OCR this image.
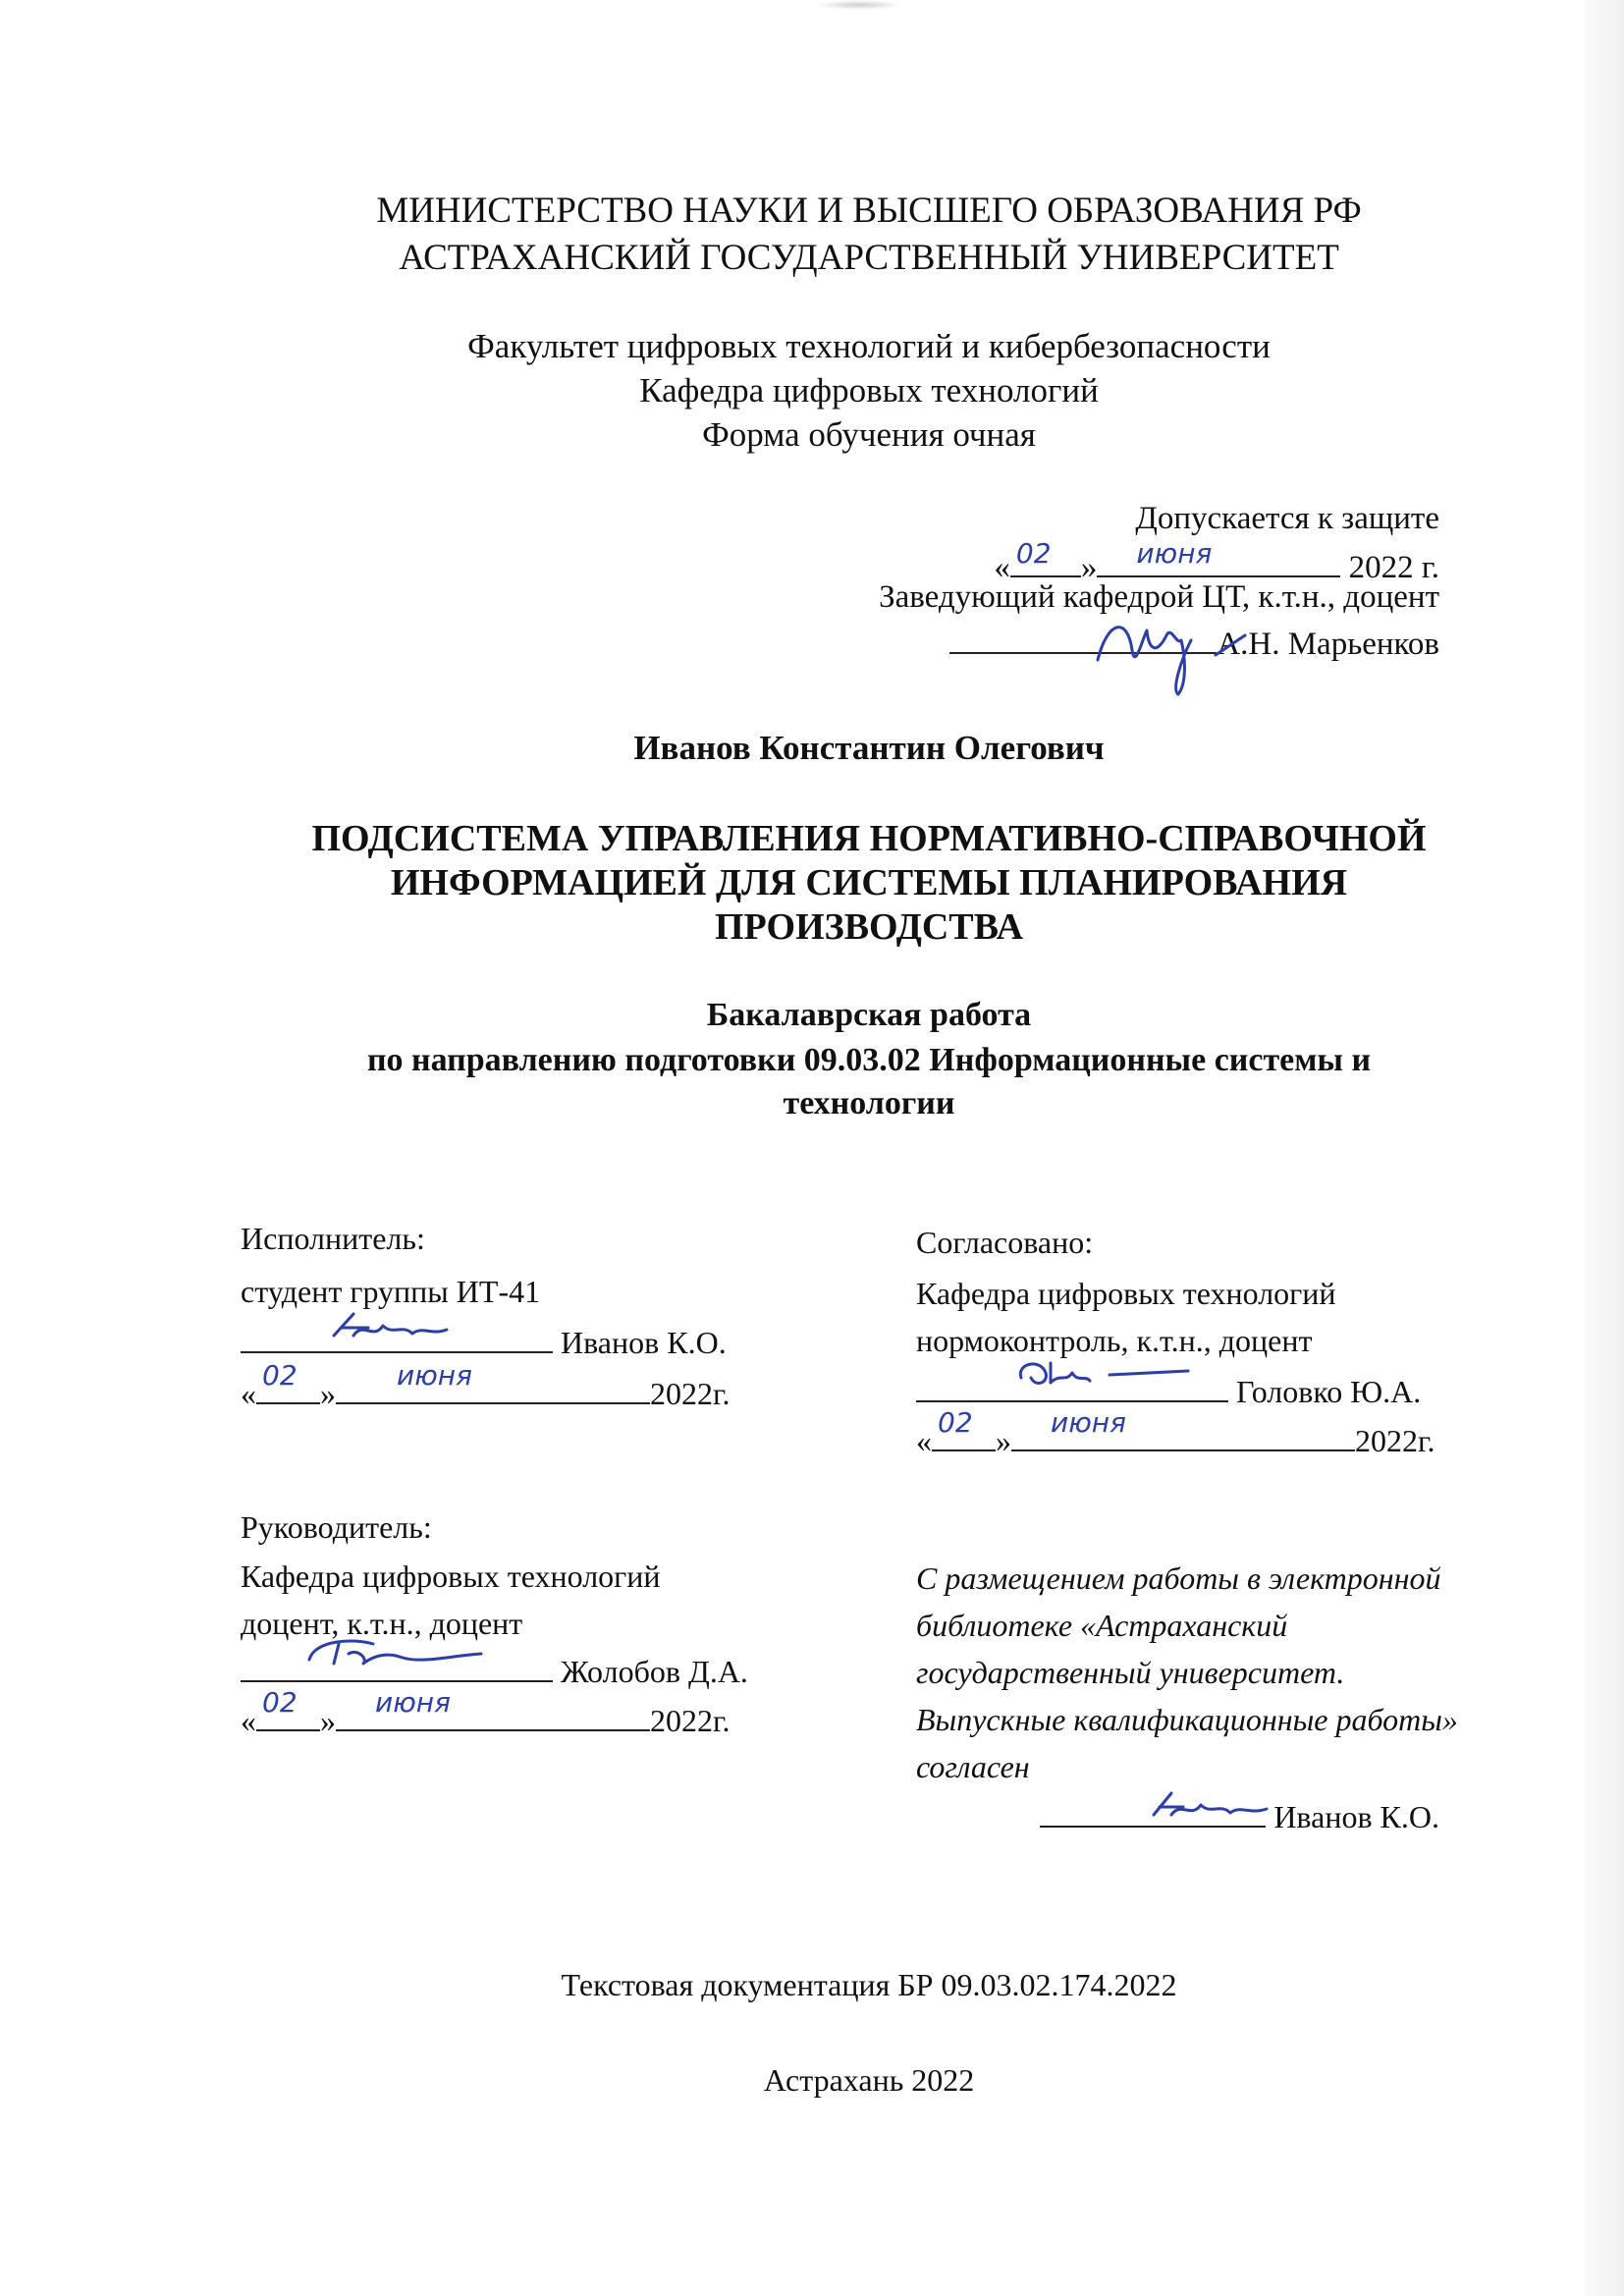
МИНИСТЕРСТВО НАУКИ И ВЫСШЕГО ОБРАЗОВАНИЯ РФ
АСТРАХАНСКИЙ ГОСУДАРСТВЕННЫЙ УНИВЕРСИТЕТ
Факультет цифровых технологий и кибербезопасности
Кафедра цифровых технологий
Форма обучения очная
Допускается к защите
« 02 » июня	2022 г.
Заведующий кафедрой ЦТ, к.т.н., доцент
А.Н. Марьенков
Иванов Константин Олегович
ПОДСИСТЕМА УПРАВЛЕНИЯ НОРМАТИВНО-СПРАВОЧНОЙ
ИНФОРМАЦИЕЙ ДЛЯ СИСТЕМЫ ПЛАНИРОВАНИЯ
ПРОИЗВОДСТВА
Бакалаврская работа
по направлению подготовки 09.03.02 Информационные системы и
технологии
Исполнитель:
студент группы ИТ-41
Иванов К.О.
«
02
»
июня
2022г.
Согласовано:
Кафедра цифровых технологий
нормоконтроль, к.т.н., доцент
Головко Ю.А.
«
02
»
июня
2022г.
Руководитель:
Кафедра цифровых технологий
доцент, к.т.н., доцент
Жолобов Д.А.
«
02
»
июня
2022г.
С размещением работы в электронной
библиотеке «Астраханский
государственный университет.
Выпускные квалификационные работы»
согласен
Иванов К.О.
Текстовая документация БР 09.03.02.174.2022
Астрахань 2022
